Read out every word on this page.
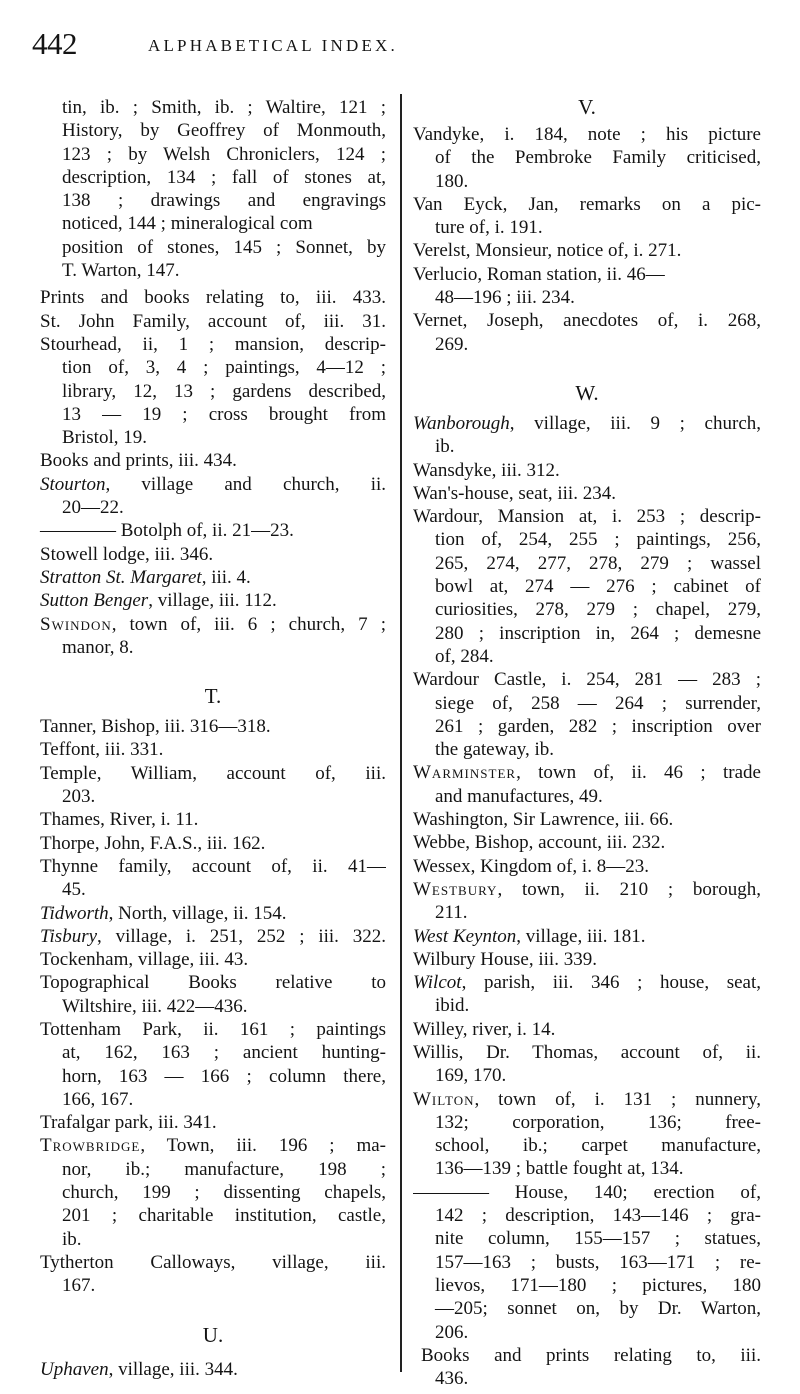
442	ALPHABETICAL INDEX.
tin, ib. ; Smith, ib. ; Waltire, 121 ;
History, by Geoffrey of Monmouth,
123 ; by Welsh Chroniclers, 124 ;
description, 134 ; fall of stones at,
138 ; drawings and engravings
noticed, 144 ; mineralogical com
position of stones, 145 ; Sonnet, by
T. Warton, 147.
Prints and books relating to, iii. 433.
St. John Family, account of, iii. 31.
Stourhead, ii, 1 ; mansion, descrip-
tion of, 3, 4 ; paintings, 4—12 ;
library, 12, 13 ; gardens described,
13 — 19 ; cross brought from
Bristol, 19.
Books and prints, iii. 434.
Stourton, village and church, ii.
20—22.
———— Botolph of, ii. 21—23.
Stowell lodge, iii. 346.
Stratton St. Margaret, iii. 4.
Sutton Benger, village, iii. 112.
Swindon, town of, iii. 6 ; church, 7 ;
manor, 8.
T.
Tanner, Bishop, iii. 316—318.
Teffont, iii. 331.
Temple, William, account of, iii.
203.
Thames, River, i. 11.
Thorpe, John, F.A.S., iii. 162.
Thynne family, account of, ii. 41—
45.
Tidworth, North, village, ii. 154.
Tisbury, village, i. 251, 252 ; iii. 322.
Tockenham, village, iii. 43.
Topographical Books relative to
Wiltshire, iii. 422—436.
Tottenham Park, ii. 161 ; paintings
at, 162, 163 ; ancient hunting-
horn, 163 — 166 ; column there,
166, 167.
Trafalgar park, iii. 341.
Trowbridge, Town, iii. 196 ; ma-
nor, ib.; manufacture, 198 ;
church, 199 ; dissenting chapels,
201 ; charitable institution, castle,
ib.
Tytherton Calloways, village, iii.
167.
U.
Uphaven, village, iii. 344.
V.
Vandyke, i. 184, note ; his picture
of the Pembroke Family criticised,
180.
Van Eyck, Jan, remarks on a pic-
ture of, i. 191.
Verelst, Monsieur, notice of, i. 271.
Verlucio, Roman station, ii. 46—
48—196 ; iii. 234.
Vernet, Joseph, anecdotes of, i. 268,
269.
W.
Wanborough, village, iii. 9 ; church,
ib.
Wansdyke, iii. 312.
Wan's-house, seat, iii. 234.
Wardour, Mansion at, i. 253 ; descrip-
tion of, 254, 255 ; paintings, 256,
265, 274, 277, 278, 279 ; wassel
bowl at, 274 — 276 ; cabinet of
curiosities, 278, 279 ; chapel, 279,
280 ; inscription in, 264 ; demesne
of, 284.
Wardour Castle, i. 254, 281 — 283 ;
siege of, 258 — 264 ; surrender,
261 ; garden, 282 ; inscription over
the gateway, ib.
Warminster, town of, ii. 46 ; trade
and manufactures, 49.
Washington, Sir Lawrence, iii. 66.
Webbe, Bishop, account, iii. 232.
Wessex, Kingdom of, i. 8—23.
Westbury, town, ii. 210 ; borough,
211.
West Keynton, village, iii. 181.
Wilbury House, iii. 339.
Wilcot, parish, iii. 346 ; house, seat,
ibid.
Willey, river, i. 14.
Willis, Dr. Thomas, account of, ii.
169, 170.
Wilton, town of, i. 131 ; nunnery,
132; corporation, 136; free-
school, ib.; carpet manufacture,
136—139 ; battle fought at, 134.
———— House, 140; erection of,
142 ; description, 143—146 ; gra-
nite column, 155—157 ; statues,
157—163 ; busts, 163—171 ; re-
lievos, 171—180 ; pictures, 180
—205; sonnet on, by Dr. Warton,
206.
Books and prints relating to, iii.
436.
